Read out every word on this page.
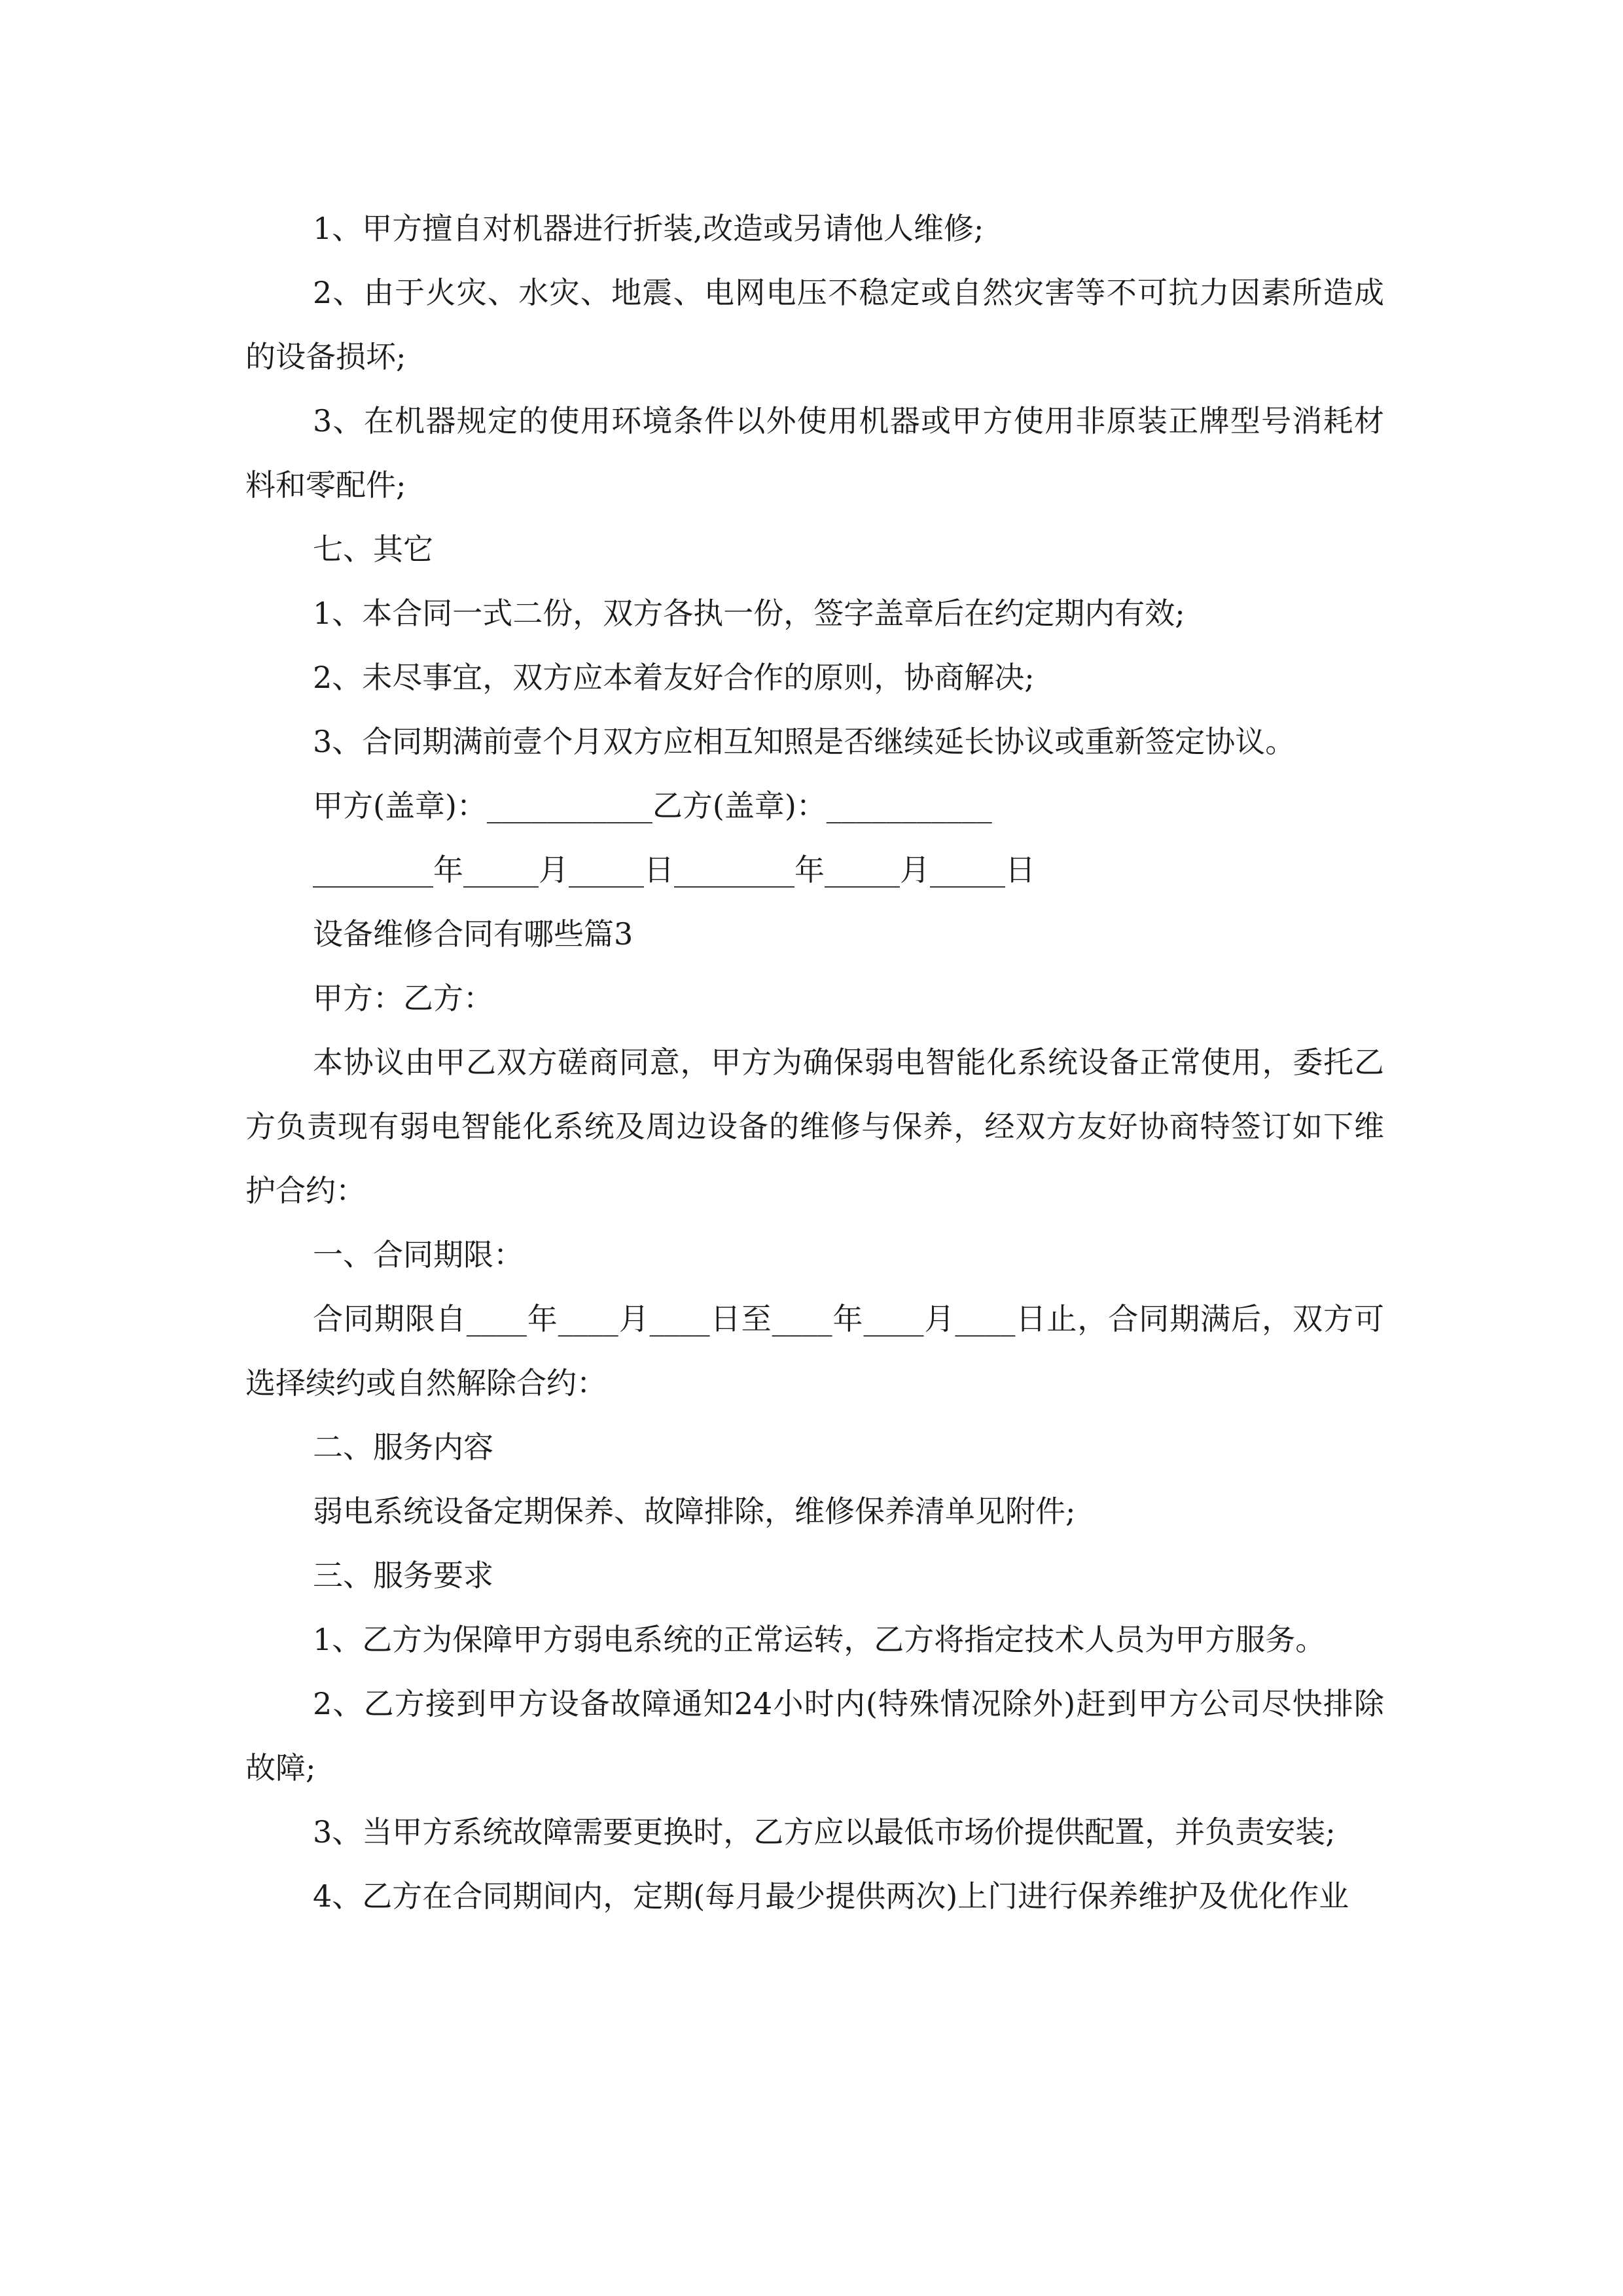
1、甲方擅自对机器进行折装,改造或另请他人维修;

2、由于火灾、水灾、地震、电网电压不稳定或自然灾害等不可抗力因素所造成的设备损坏;

3、在机器规定的使用环境条件以外使用机器或甲方使用非原装正牌型号消耗材料和零配件;

七、其它

1、本合同一式二份，双方各执一份，签字盖章后在约定期内有效;

2、未尽事宜，双方应本着友好合作的原则，协商解决;

3、合同期满前壹个月双方应相互知照是否继续延长协议或重新签定协议。

甲方(盖章)：___________乙方(盖章)：___________

________年_____月_____日________年_____月_____日

设备维修合同有哪些篇3

甲方：乙方：

本协议由甲乙双方磋商同意，甲方为确保弱电智能化系统设备正常使用，委托乙方负责现有弱电智能化系统及周边设备的维修与保养，经双方友好协商特签订如下维护合约：

一、合同期限：

合同期限自____年____月____日至____年____月____日止，合同期满后，双方可选择续约或自然解除合约：

二、服务内容

弱电系统设备定期保养、故障排除，维修保养清单见附件;

三、服务要求

1、乙方为保障甲方弱电系统的正常运转，乙方将指定技术人员为甲方服务。

2、乙方接到甲方设备故障通知24小时内(特殊情况除外)赶到甲方公司尽快排除故障;

3、当甲方系统故障需要更换时，乙方应以最低市场价提供配置，并负责安装;

4、乙方在合同期间内，定期(每月最少提供两次)上门进行保养维护及优化作业
